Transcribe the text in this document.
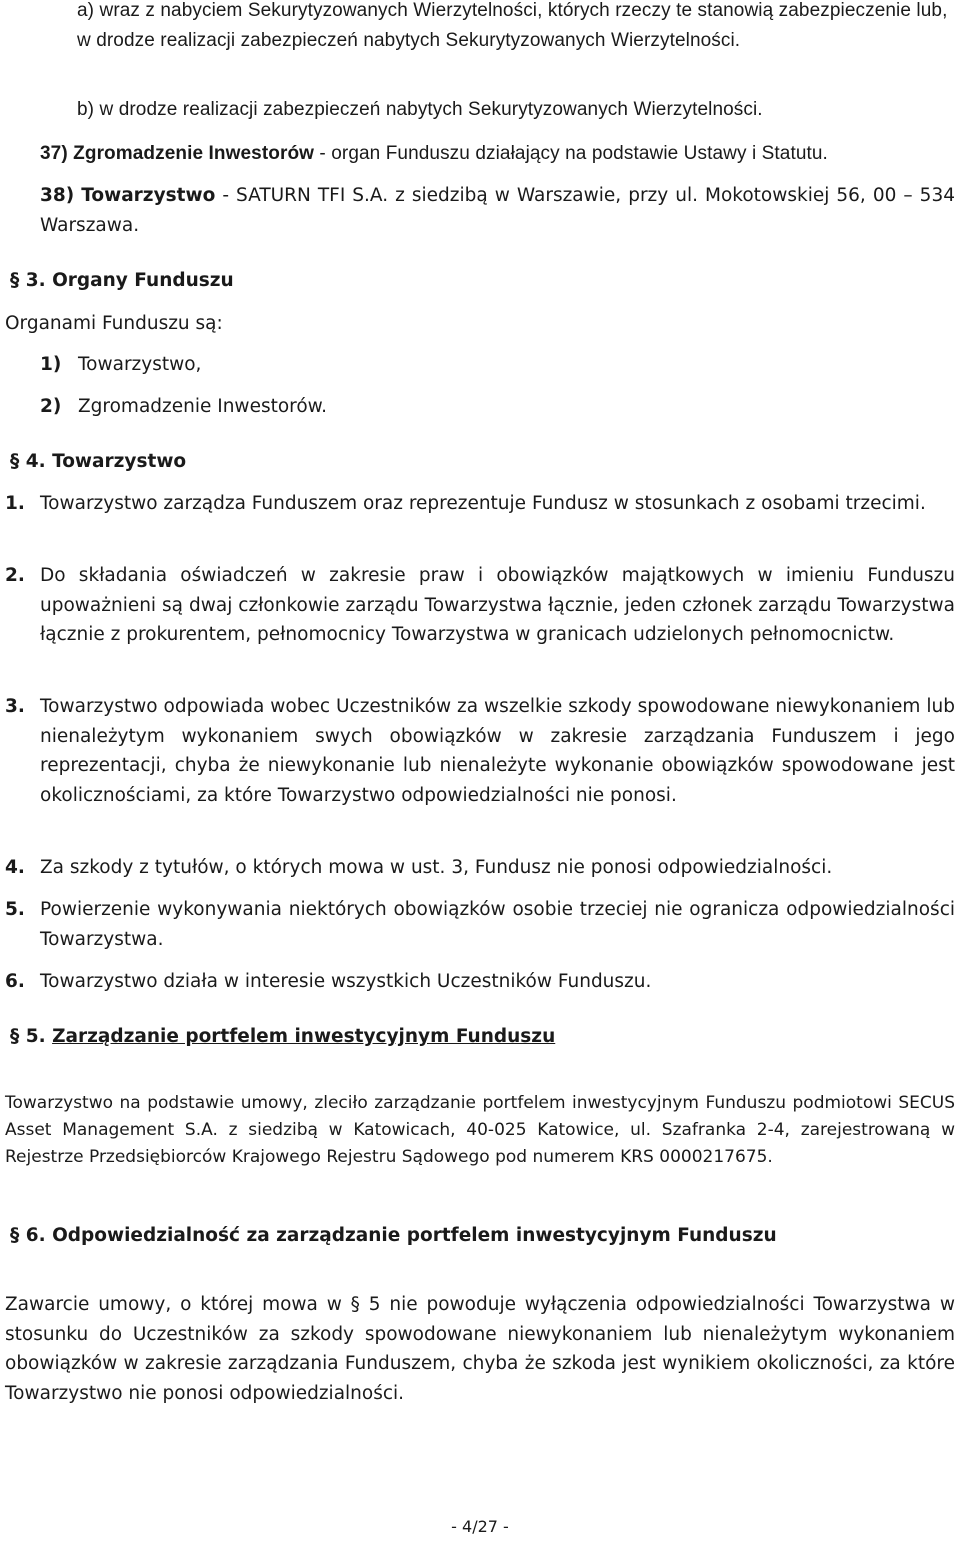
a) wraz z nabyciem Sekurytyzowanych Wierzytelności, których rzeczy te stanowią zabezpieczenie lub, w drodze realizacji zabezpieczeń nabytych Sekurytyzowanych Wierzytelności.
b) w drodze realizacji zabezpieczeń nabytych Sekurytyzowanych Wierzytelności.
37) Zgromadzenie Inwestorów - organ Funduszu działający na podstawie Ustawy i Statutu.
38) Towarzystwo - SATURN TFI S.A. z siedzibą w Warszawie, przy ul. Mokotowskiej 56, 00 – 534 Warszawa.
§ 3. Organy Funduszu
Organami Funduszu są:
1) Towarzystwo,
2) Zgromadzenie Inwestorów.
§ 4. Towarzystwo
1. Towarzystwo zarządza Funduszem oraz reprezentuje Fundusz w stosunkach z osobami trzecimi.
2. Do składania oświadczeń w zakresie praw i obowiązków majątkowych w imieniu Funduszu upoważnieni są dwaj członkowie zarządu Towarzystwa łącznie, jeden członek zarządu Towarzystwa łącznie z prokurentem, pełnomocnicy Towarzystwa w granicach udzielonych pełnomocnictw.
3. Towarzystwo odpowiada wobec Uczestników za wszelkie szkody spowodowane niewykonaniem lub nienależytym wykonaniem swych obowiązków w zakresie zarządzania Funduszem i jego reprezentacji, chyba że niewykonanie lub nienależyte wykonanie obowiązków spowodowane jest okolicznościami, za które Towarzystwo odpowiedzialności nie ponosi.
4. Za szkody z tytułów, o których mowa w ust. 3, Fundusz nie ponosi odpowiedzialności.
5. Powierzenie wykonywania niektórych obowiązków osobie trzeciej nie ogranicza odpowiedzialności Towarzystwa.
6. Towarzystwo działa w interesie wszystkich Uczestników Funduszu.
§ 5. Zarządzanie portfelem inwestycyjnym Funduszu
Towarzystwo na podstawie umowy, zleciło zarządzanie portfelem inwestycyjnym Funduszu podmiotowi SECUS Asset Management S.A. z siedzibą w Katowicach, 40-025 Katowice, ul. Szafranka 2-4, zarejestrowaną w Rejestrze Przedsiębiorców Krajowego Rejestru Sądowego pod numerem KRS 0000217675.
§ 6. Odpowiedzialność za zarządzanie portfelem inwestycyjnym Funduszu
Zawarcie umowy, o której mowa w § 5 nie powoduje wyłączenia odpowiedzialności Towarzystwa w stosunku do Uczestników za szkody spowodowane niewykonaniem lub nienależytym wykonaniem obowiązków w zakresie zarządzania Funduszem, chyba że szkoda jest wynikiem okoliczności, za które Towarzystwo nie ponosi odpowiedzialności.
- 4/27 -
